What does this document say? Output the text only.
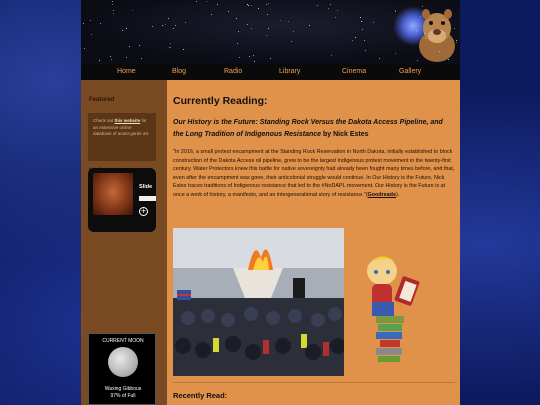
Home	Blog	Radio	Library	Cinema	Gallery
Featured
Check out this website for an extensive online database of avant-garde art.
•
•
•
•
•
•
Slide
+
CURRENT MOON
Waxing Gibbous
97% of Full
Currently Reading:
Our History is the Future: Standing Rock Versus the Dakota Access Pipeline, and the Long Tradition of Indigenous Resistance by Nick Estes
"In 2016, a small protest encampment at the Standing Rock Reservation in North Dakota, initially established to block construction of the Dakota Access oil pipeline, grew to be the largest Indigenous protest movement in the twenty-first century. Water Protectors knew this battle for native sovereignty had already been fought many times before, and that, even after the encampment was gone, their anticolonial struggle would continue. In Our History is the Future, Nick Estes traces traditions of Indigenous resistance that led to the #NoDAPL movement. Our History is the Future is at once a work of history, a manifesto, and an intergenerational story of resistance."(Goodreads).
Recently Read:
